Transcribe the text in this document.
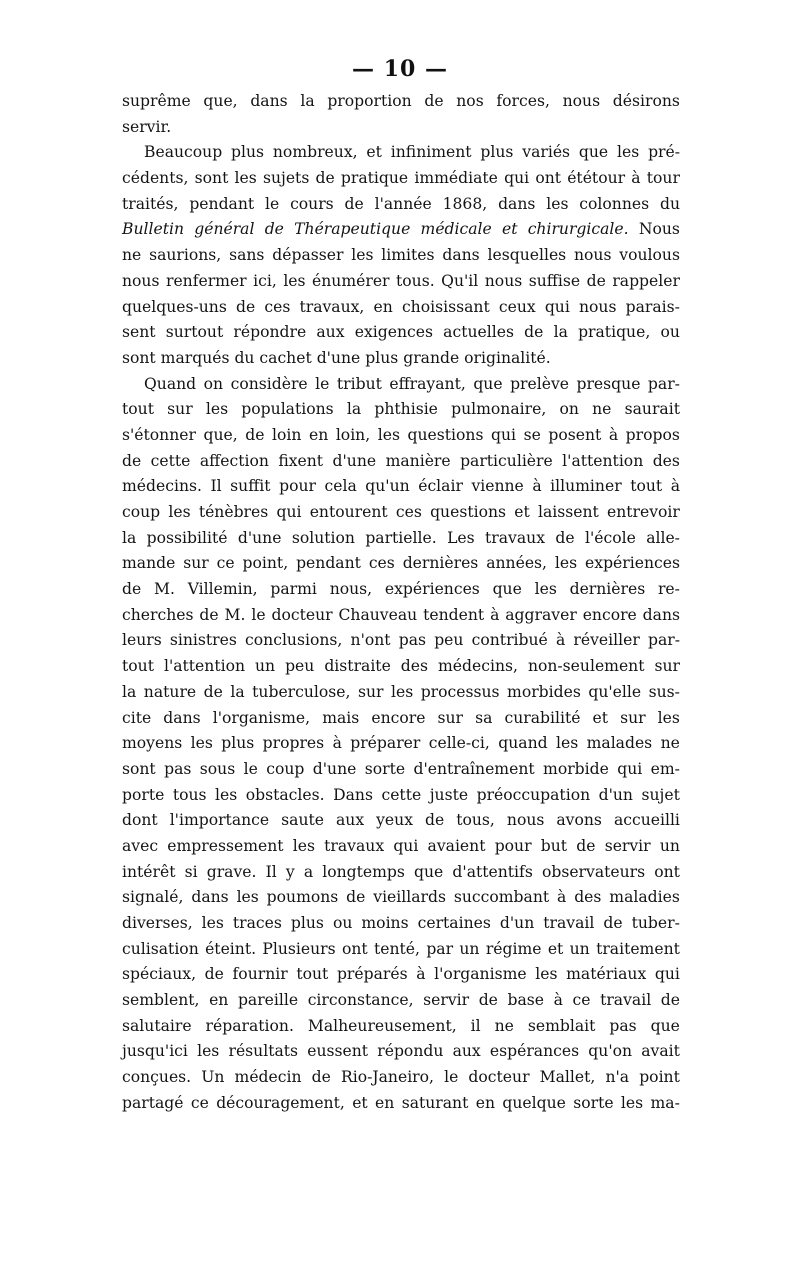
— 10 —
suprême que, dans la proportion de nos forces, nous désirons
servir.
Beaucoup plus nombreux, et infiniment plus variés que les pré-
cédents, sont les sujets de pratique immédiate qui ont ététour à tour
traités, pendant le cours de l'année 1868, dans les colonnes du
Bulletin général de Thérapeutique médicale et chirurgicale. Nous
ne saurions, sans dépasser les limites dans lesquelles nous voulous
nous renfermer ici, les énumérer tous. Qu'il nous suffise de rappeler
quelques-uns de ces travaux, en choisissant ceux qui nous parais-
sent surtout répondre aux exigences actuelles de la pratique, ou
sont marqués du cachet d'une plus grande originalité.
Quand on considère le tribut effrayant, que prelève presque par-
tout sur les populations la phthisie pulmonaire, on ne saurait
s'étonner que, de loin en loin, les questions qui se posent à propos
de cette affection fixent d'une manière particulière l'attention des
médecins. Il suffit pour cela qu'un éclair vienne à illuminer tout à
coup les ténèbres qui entourent ces questions et laissent entrevoir
la possibilité d'une solution partielle. Les travaux de l'école alle-
mande sur ce point, pendant ces dernières années, les expériences
de M. Villemin, parmi nous, expériences que les dernières re-
cherches de M. le docteur Chauveau tendent à aggraver encore dans
leurs sinistres conclusions, n'ont pas peu contribué à réveiller par-
tout l'attention un peu distraite des médecins, non-seulement sur
la nature de la tuberculose, sur les processus morbides qu'elle sus-
cite dans l'organisme, mais encore sur sa curabilité et sur les
moyens les plus propres à préparer celle-ci, quand les malades ne
sont pas sous le coup d'une sorte d'entraînement morbide qui em-
porte tous les obstacles. Dans cette juste préoccupation d'un sujet
dont l'importance saute aux yeux de tous, nous avons accueilli
avec empressement les travaux qui avaient pour but de servir un
intérêt si grave. Il y a longtemps que d'attentifs observateurs ont
signalé, dans les poumons de vieillards succombant à des maladies
diverses, les traces plus ou moins certaines d'un travail de tuber-
culisation éteint. Plusieurs ont tenté, par un régime et un traitement
spéciaux, de fournir tout préparés à l'organisme les matériaux qui
semblent, en pareille circonstance, servir de base à ce travail de
salutaire réparation. Malheureusement, il ne semblait pas que
jusqu'ici les résultats eussent répondu aux espérances qu'on avait
conçues. Un médecin de Rio-Janeiro, le docteur Mallet, n'a point
partagé ce découragement, et en saturant en quelque sorte les ma-
